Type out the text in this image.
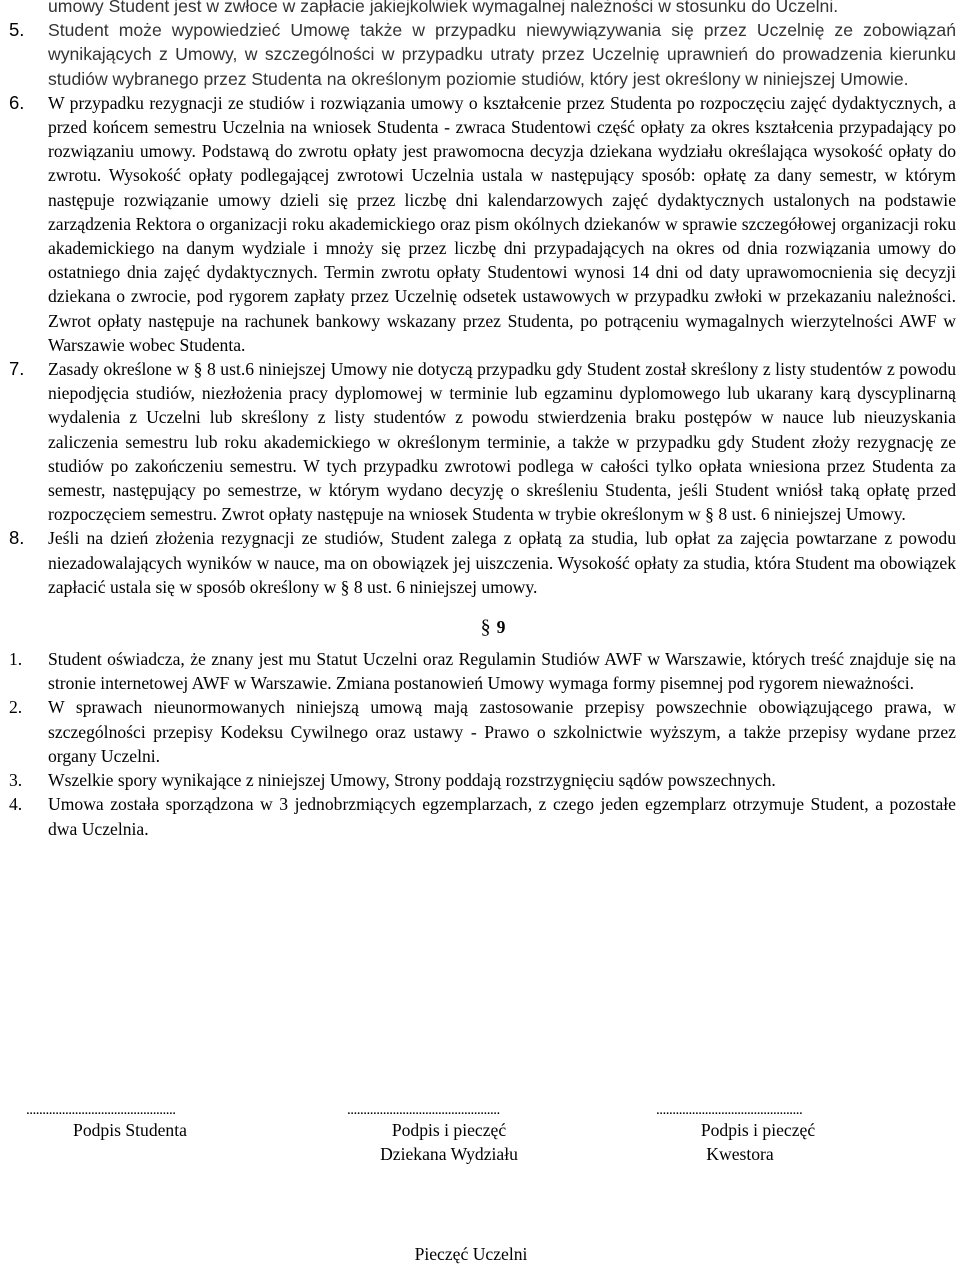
umowy Student jest w zwłoce w zapłacie jakiejkolwiek wymagalnej należności w stosunku do Uczelni.
5. Student może wypowiedzieć Umowę także w przypadku niewywiązywania się przez Uczelnię ze zobowiązań wynikających z Umowy, w szczególności w przypadku utraty przez Uczelnię uprawnień do prowadzenia kierunku studiów wybranego przez Studenta na określonym poziomie studiów, który jest określony w niniejszej Umowie.
6. W przypadku rezygnacji ze studiów i rozwiązania umowy o kształcenie przez Studenta po rozpoczęciu zajęć dydaktycznych, a przed końcem semestru Uczelnia na wniosek Studenta - zwraca Studentowi część opłaty za okres kształcenia przypadający po rozwiązaniu umowy. Podstawą do zwrotu opłaty jest prawomocna decyzja dziekana wydziału określająca wysokość opłaty do zwrotu. Wysokość opłaty podlegającej zwrotowi Uczelnia ustala w następujący sposób: opłatę za dany semestr, w którym następuje rozwiązanie umowy dzieli się przez liczbę dni kalendarzowych zajęć dydaktycznych ustalonych na podstawie zarządzenia Rektora o organizacji roku akademickiego oraz pism okólnych dziekanów w sprawie szczegółowej organizacji roku akademickiego na danym wydziale i mnoży się przez liczbę dni przypadających na okres od dnia rozwiązania umowy do ostatniego dnia zajęć dydaktycznych. Termin zwrotu opłaty Studentowi wynosi 14 dni od daty uprawomocnienia się decyzji dziekana o zwrocie, pod rygorem zapłaty przez Uczelnię odsetek ustawowych w przypadku zwłoki w przekazaniu należności. Zwrot opłaty następuje na rachunek bankowy wskazany przez Studenta, po potrąceniu wymagalnych wierzytelności AWF w Warszawie wobec Studenta.
7. Zasady określone w § 8 ust.6 niniejszej Umowy nie dotyczą przypadku gdy Student został skreślony z listy studentów z powodu niepodjęcia studiów, niezłożenia pracy dyplomowej w terminie lub egzaminu dyplomowego lub ukarany karą dyscyplinarną wydalenia z Uczelni lub skreślony z listy studentów z powodu stwierdzenia braku postępów w nauce lub nieuzyskania zaliczenia semestru lub roku akademickiego w określonym terminie, a także w przypadku gdy Student złoży rezygnację ze studiów po zakończeniu semestru. W tych przypadku zwrotowi podlega w całości tylko opłata wniesiona przez Studenta za semestr, następujący po semestrze, w którym wydano decyzję o skreśleniu Studenta, jeśli Student wniósł taką opłatę przed rozpoczęciem semestru. Zwrot opłaty następuje na wniosek Studenta w trybie określonym w § 8 ust. 6 niniejszej Umowy.
8. Jeśli na dzień złożenia rezygnacji ze studiów, Student zalega z opłatą za studia, lub opłat za zajęcia powtarzane z powodu niezadowalających wyników w nauce, ma on obowiązek jej uiszczenia. Wysokość opłaty za studia, która Student ma obowiązek zapłacić ustala się w sposób określony w § 8 ust. 6 niniejszej umowy.
§ 9
1. Student oświadcza, że znany jest mu Statut Uczelni oraz Regulamin Studiów AWF w Warszawie, których treść znajduje się na stronie internetowej AWF w Warszawie. Zmiana postanowień Umowy wymaga formy pisemnej pod rygorem nieważności.
2. W sprawach nieunormowanych niniejszą umową mają zastosowanie przepisy powszechnie obowiązującego prawa, w szczególności przepisy Kodeksu Cywilnego oraz ustawy - Prawo o szkolnictwie wyższym, a także przepisy wydane przez organy Uczelni.
3. Wszelkie spory wynikające z niniejszej Umowy, Strony poddają rozstrzygnięciu sądów powszechnych.
4. Umowa została sporządzona w 3 jednobrzmiących egzemplarzach, z czego jeden egzemplarz otrzymuje Student, a pozostałe dwa Uczelnia.
..............................................	...............................................	.............................................
Podpis Studenta	Podpis i pieczęć
Dziekana Wydziału
Podpis i pieczęć
Kwestora
Pieczęć Uczelni
